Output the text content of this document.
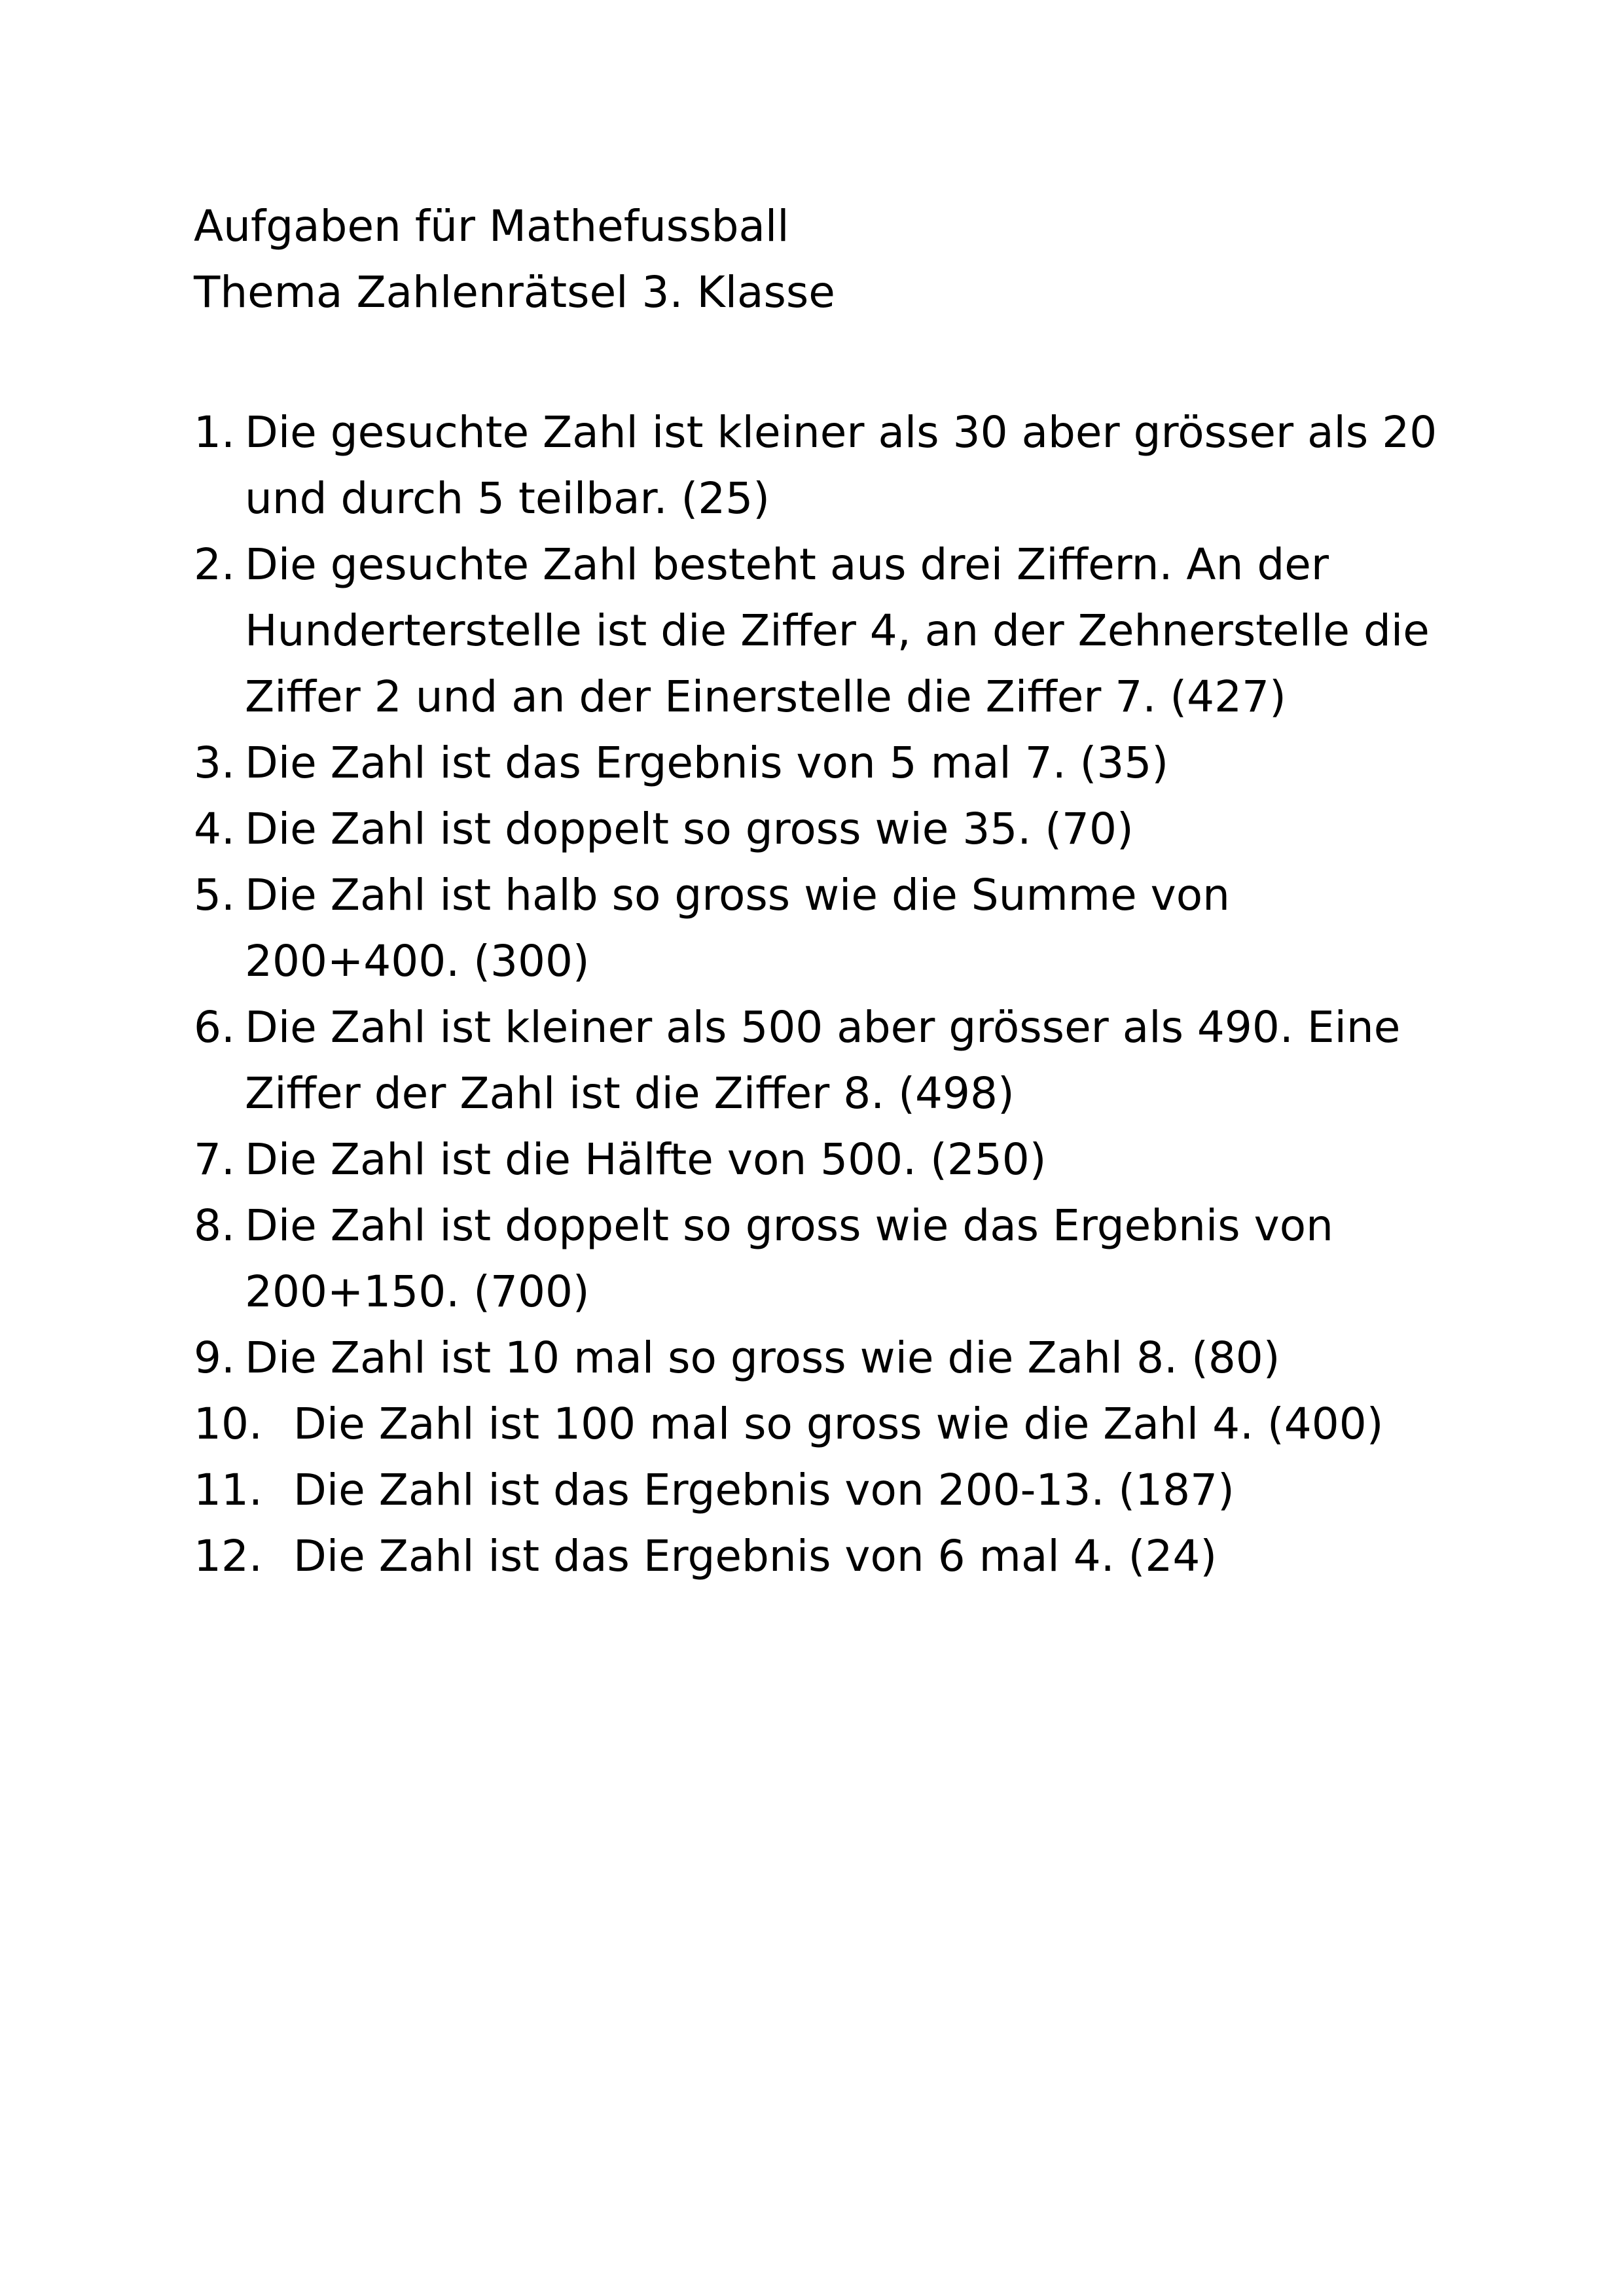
Aufgaben für Mathefussball
Thema Zahlenrätsel 3. Klasse
1. Die gesuchte Zahl ist kleiner als 30 aber grösser als 20
und durch 5 teilbar. (25)
2. Die gesuchte Zahl besteht aus drei Ziffern. An der
Hunderterstelle ist die Ziffer 4, an der Zehnerstelle die
Ziffer 2 und an der Einerstelle die Ziffer 7. (427)
3. Die Zahl ist das Ergebnis von 5 mal 7. (35)
4. Die Zahl ist doppelt so gross wie 35. (70)
5. Die Zahl ist halb so gross wie die Summe von
200+400. (300)
6. Die Zahl ist kleiner als 500 aber grösser als 490. Eine
Ziffer der Zahl ist die Ziffer 8. (498)
7. Die Zahl ist die Hälfte von 500. (250)
8. Die Zahl ist doppelt so gross wie das Ergebnis von
200+150. (700)
9. Die Zahl ist 10 mal so gross wie die Zahl 8. (80)
10. Die Zahl ist 100 mal so gross wie die Zahl 4. (400)
11. Die Zahl ist das Ergebnis von 200-13. (187)
12. Die Zahl ist das Ergebnis von 6 mal 4. (24)
